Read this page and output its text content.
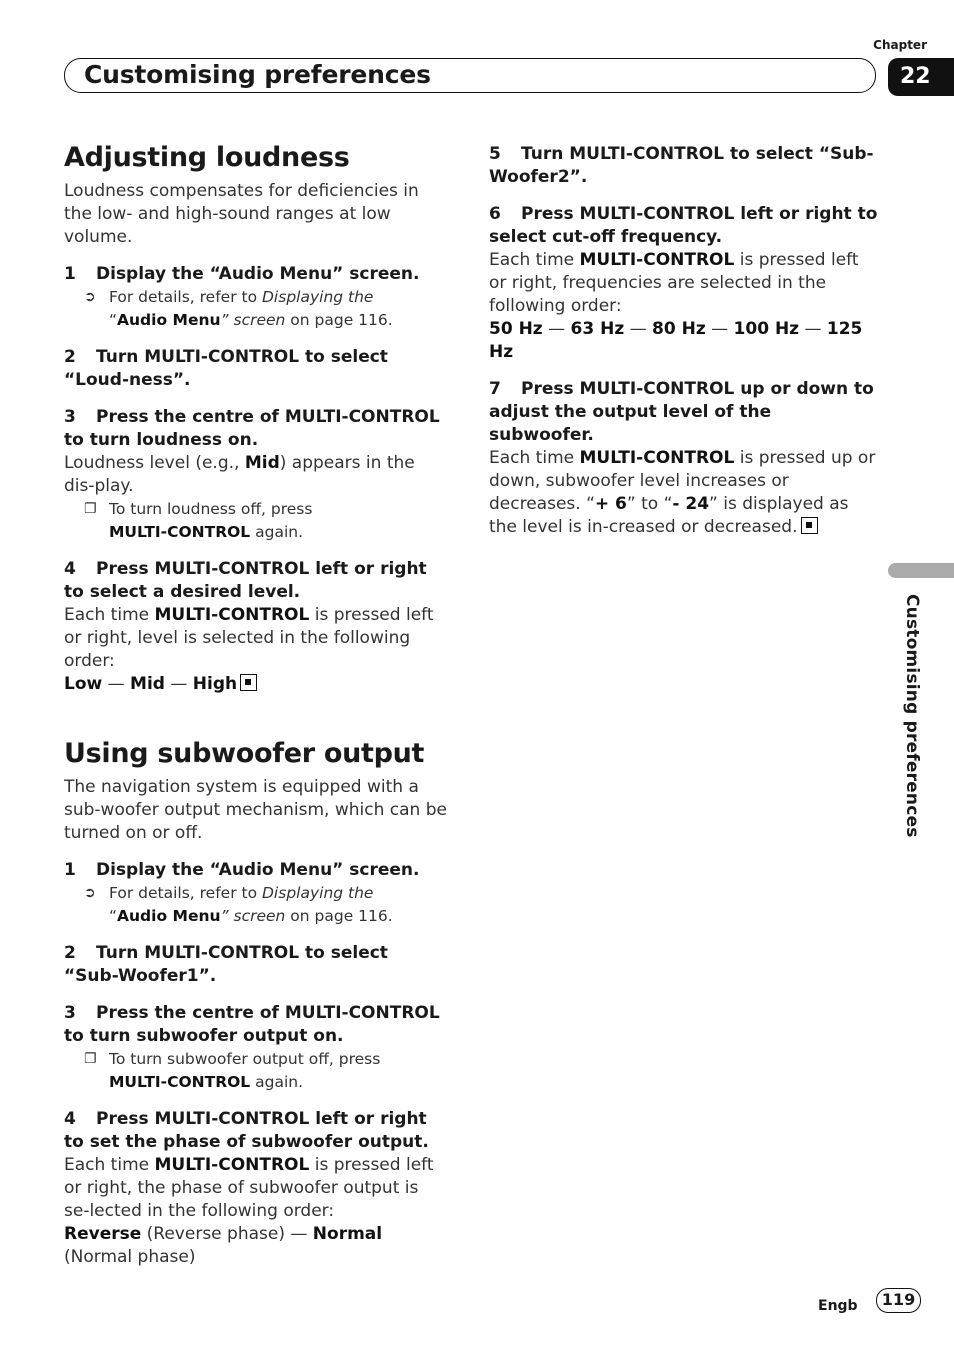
Chapter
Customising preferences	22
Adjusting loudness

Loudness compensates for deficiencies in the low- and high-sound ranges at low volume.

1 Display the “Audio Menu” screen.

➲ For details, refer to Displaying the
“Audio Menu” screen on page 116.

2 Turn MULTI-CONTROL to select “Loud-ness”.

3 Press the centre of MULTI-CONTROL to turn loudness on.

Loudness level (e.g., Mid) appears in the dis-play.

❐ To turn loudness off, press
MULTI-CONTROL again.

4 Press MULTI-CONTROL left or right to select a desired level.

Each time MULTI-CONTROL is pressed left or right, level is selected in the following order:

Low — Mid — High

Using subwoofer output

The navigation system is equipped with a sub-woofer output mechanism, which can be turned on or off.

1 Display the “Audio Menu” screen.

➲ For details, refer to Displaying the
“Audio Menu” screen on page 116.

2 Turn MULTI-CONTROL to select “Sub-Woofer1”.

3 Press the centre of MULTI-CONTROL to turn subwoofer output on.

❐ To turn subwoofer output off, press
MULTI-CONTROL again.

4 Press MULTI-CONTROL left or right to set the phase of subwoofer output.

Each time MULTI-CONTROL is pressed left or right, the phase of subwoofer output is se-lected in the following order:

Reverse (Reverse phase) — Normal (Normal phase)

5 Turn MULTI-CONTROL to select “Sub-Woofer2”.

6 Press MULTI-CONTROL left or right to select cut-off frequency.

Each time MULTI-CONTROL is pressed left or right, frequencies are selected in the following order:

50 Hz — 63 Hz — 80 Hz — 100 Hz — 125 Hz

7 Press MULTI-CONTROL up or down to adjust the output level of the subwoofer.

Each time MULTI-CONTROL is pressed up or down, subwoofer level increases or decreases. “+ 6” to “- 24” is displayed as the level is in-creased or decreased.

Customising preferences
Engb	119
